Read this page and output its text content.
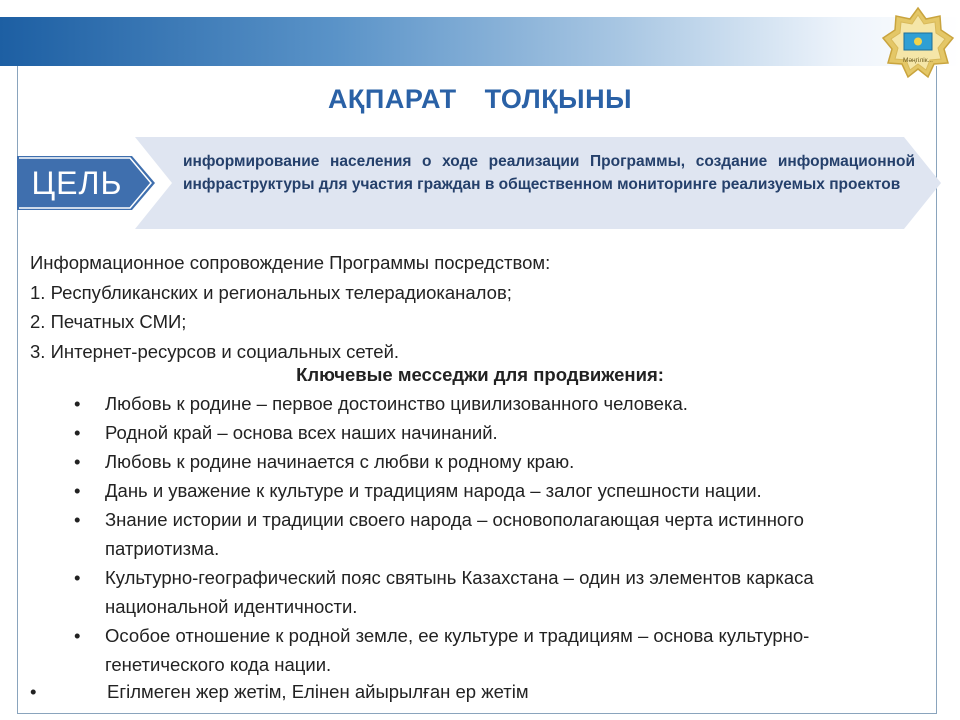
Мәңгілік...
АҚПАРАТ ТОЛҚЫНЫ
ЦЕЛЬ
информирование населения о ходе реализации Программы, создание информационной инфраструктуры для участия граждан в общественном мониторинге реализуемых проектов
Информационное сопровождение Программы посредством:
1. Республиканских и региональных телерадиоканалов;
2. Печатных СМИ;
3. Интернет-ресурсов и социальных сетей.
Ключевые месседжи для продвижения:
• Любовь к родине – первое достоинство цивилизованного человека.
• Родной край – основа всех наших начинаний.
• Любовь к родине начинается с любви к родному краю.
• Дань и уважение к культуре и традициям народа – залог успешности нации.
• Знание истории и традиции своего народа – основополагающая черта истинного патриотизма.
• Культурно-географический пояс святынь Казахстана – один из элементов каркаса национальной идентичности.
• Особое отношение к родной земле, ее культуре и традициям – основа культурно-генетического кода нации.
•	Егілмеген жер жетім, Елінен айырылған ер жетім
